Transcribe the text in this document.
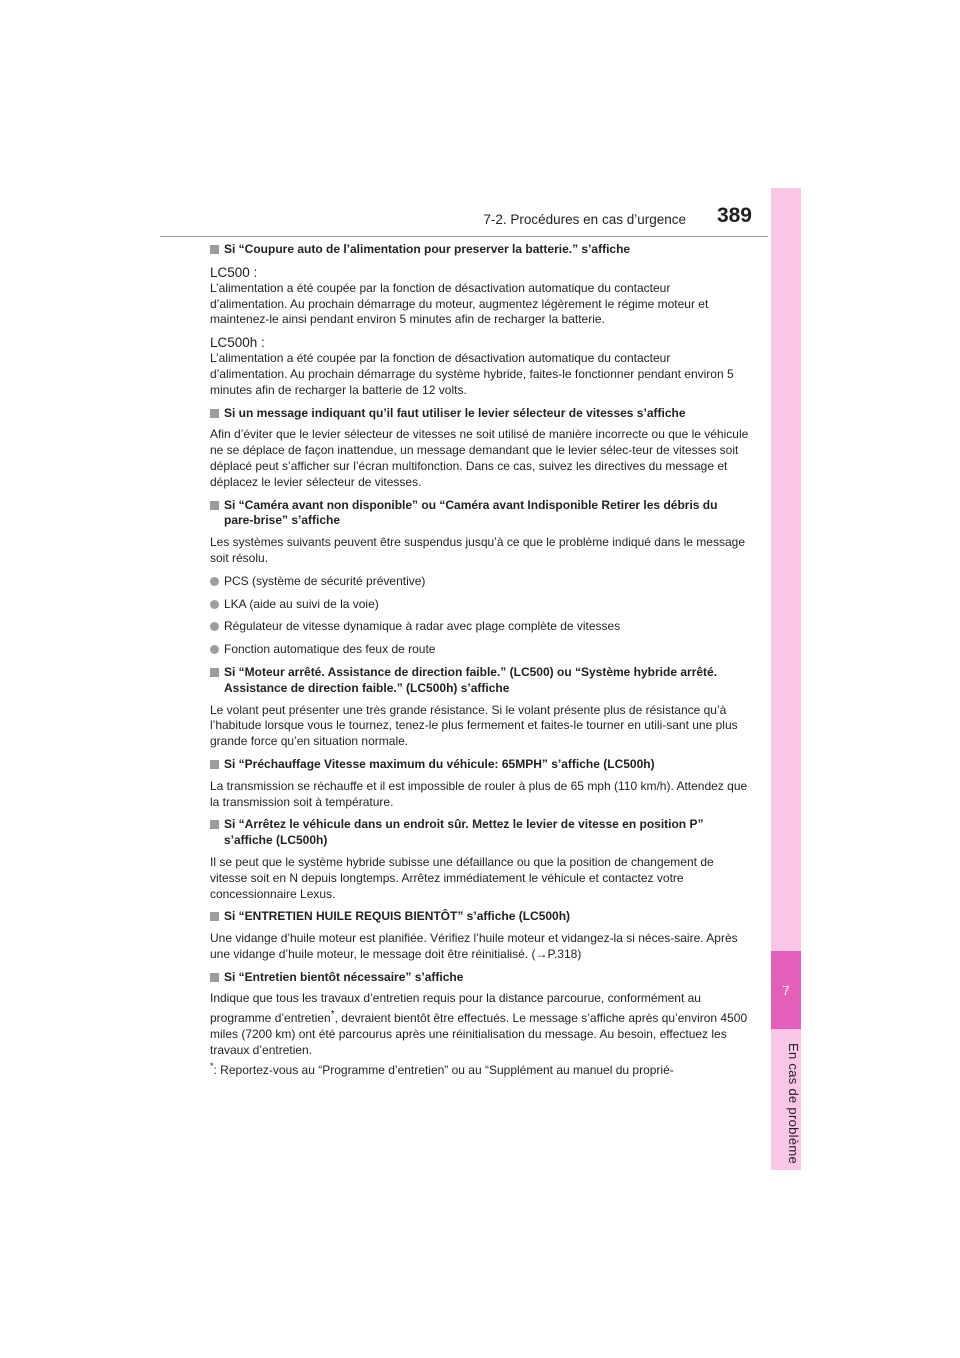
7
En cas de problème
7-2. Procédures en cas d’urgence 389
Si “Coupure auto de l’alimentation pour preserver la batterie.” s’affiche
LC500 :
L’alimentation a été coupée par la fonction de désactivation automatique du contacteur d’alimentation. Au prochain démarrage du moteur, augmentez légèrement le régime moteur et maintenez-le ainsi pendant environ 5 minutes afin de recharger la batterie.
LC500h :
L’alimentation a été coupée par la fonction de désactivation automatique du contacteur d’alimentation. Au prochain démarrage du système hybride, faites-le fonctionner pendant environ 5 minutes afin de recharger la batterie de 12 volts.
Si un message indiquant qu’il faut utiliser le levier sélecteur de vitesses s’affiche
Afin d’éviter que le levier sélecteur de vitesses ne soit utilisé de manière incorrecte ou que le véhicule ne se déplace de façon inattendue, un message demandant que le levier sélec-teur de vitesses soit déplacé peut s’afficher sur l’écran multifonction. Dans ce cas, suivez les directives du message et déplacez le levier sélecteur de vitesses.
Si “Caméra avant non disponible” ou “Caméra avant Indisponible Retirer les débris du pare-brise” s’affiche
Les systèmes suivants peuvent être suspendus jusqu’à ce que le problème indiqué dans le message soit résolu.
PCS (système de sécurité préventive)
LKA (aide au suivi de la voie)
Régulateur de vitesse dynamique à radar avec plage complète de vitesses
Fonction automatique des feux de route
Si “Moteur arrêté. Assistance de direction faible.” (LC500) ou “Système hybride arrêté. Assistance de direction faible.” (LC500h) s’affiche
Le volant peut présenter une très grande résistance. Si le volant présente plus de résistance qu’à l’habitude lorsque vous le tournez, tenez-le plus fermement et faites-le tourner en utili-sant une plus grande force qu’en situation normale.
Si “Préchauffage Vitesse maximum du véhicule: 65MPH” s’affiche (LC500h)
La transmission se réchauffe et il est impossible de rouler à plus de 65 mph (110 km/h). Attendez que la transmission soit à température.
Si “Arrêtez le véhicule dans un endroit sûr. Mettez le levier de vitesse en position P” s’affiche (LC500h)
Il se peut que le système hybride subisse une défaillance ou que la position de changement de vitesse soit en N depuis longtemps. Arrêtez immédiatement le véhicule et contactez votre concessionnaire Lexus.
Si “ENTRETIEN HUILE REQUIS BIENTÔT” s’affiche (LC500h)
Une vidange d’huile moteur est planifiée. Vérifiez l’huile moteur et vidangez-la si néces-saire. Après une vidange d’huile moteur, le message doit être réinitialisé. (→P.318)
Si “Entretien bientôt nécessaire” s’affiche
Indique que tous les travaux d’entretien requis pour la distance parcourue, conformément au programme d’entretien*, devraient bientôt être effectués. Le message s’affiche après qu’environ 4500 miles (7200 km) ont été parcourus après une réinitialisation du message. Au besoin, effectuez les travaux d’entretien.
*: Reportez-vous au “Programme d’entretien” ou au “Supplément au manuel du proprié-
